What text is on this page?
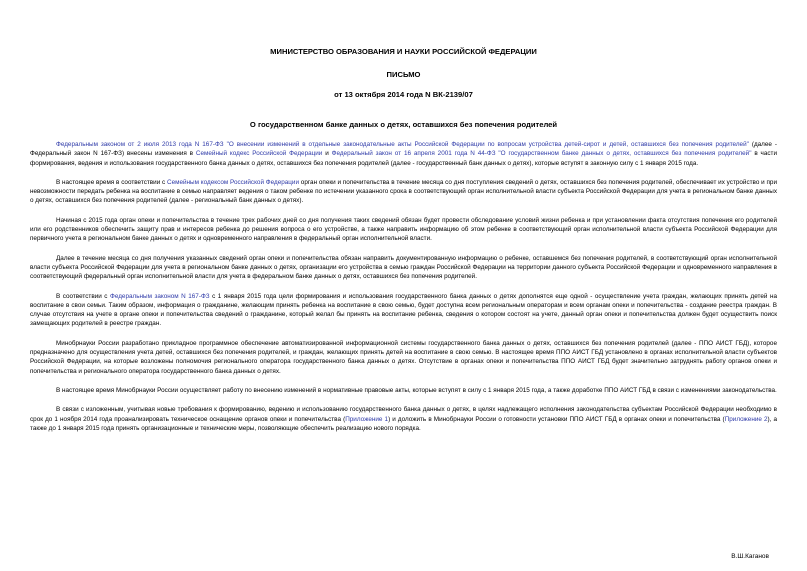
МИНИСТЕРСТВО ОБРАЗОВАНИЯ И НАУКИ РОССИЙСКОЙ ФЕДЕРАЦИИ
ПИСЬМО
от 13 октября 2014 года N ВК-2139/07
О государственном банке данных о детях, оставшихся без попечения родителей

Федеральным законом от 2 июля 2013 года N 167-ФЗ "О внесении изменений в отдельные законодательные акты Российской Федерации по вопросам устройства детей-сирот и детей, оставшихся без попечения родителей" (далее - Федеральный закон N 167-ФЗ) внесены изменения в Семейный кодекс Российской Федерации и Федеральный закон от 16 апреля 2001 года N 44-ФЗ "О государственном банке данных о детях, оставшихся без попечения родителей" в части формирования, ведения и использования государственного банка данных о детях, оставшихся без попечения родителей (далее - государственный банк данных о детях), которые вступят в законную силу с 1 января 2015 года.

В настоящее время в соответствии с Семейным кодексом Российской Федерации орган опеки и попечительства в течение месяца со дня поступления сведений о детях, оставшихся без попечения родителей, обеспечивает их устройство и при невозможности передать ребенка на воспитание в семью направляет ведения о таком ребенке по истечении указанного срока в соответствующий орган исполнительной власти субъекта Российской Федерации для учета в региональном банке данных о детях, оставшихся без попечения родителей (далее - региональный банк данных о детях).

Начиная с 2015 года орган опеки и попечительства в течение трех рабочих дней со дня получения таких сведений обязан будет провести обследование условий жизни ребенка и при установлении факта отсутствия попечения его родителей или его родственников обеспечить защиту прав и интересов ребенка до решения вопроса о его устройстве, а также направить информацию об этом ребенке в соответствующий орган исполнительной власти субъекта Российской Федерации для первичного учета в региональном банке данных о детях и одновременного направления в федеральный орган исполнительной власти.

Далее в течение месяца со дня получения указанных сведений орган опеки и попечительства обязан направить документированную информацию о ребенке, оставшемся без попечения родителей, в соответствующий орган исполнительной власти субъекта Российской Федерации для учета в региональном банке данных о детях, организации его устройства в семью граждан Российской Федерации на территории данного субъекта Российской Федерации и одновременного направления в соответствующий федеральный орган исполнительной власти для учета в федеральном банке данных о детях, оставшихся без попечения родителей.

В соответствии с Федеральным законом N 167-ФЗ с 1 января 2015 года цели формирования и использования государственного банка данных о детях дополнятся еще одной - осуществление учета граждан, желающих принять детей на воспитание в свои семьи. Таким образом, информация о гражданине, желающим принять ребенка на воспитание в свою семью, будет доступна всем региональным операторам и всем органам опеки и попечительства - создание реестра граждан. В случае отсутствия на учете в органе опеки и попечительства сведений о гражданине, который желал бы принять на воспитание ребенка, сведения о котором состоят на учете, данный орган опеки и попечительства должен будет осуществить поиск замещающих родителей в реестре граждан.

Минобрнауки России разработано прикладное программное обеспечение автоматизированной информационной системы государственного банка данных о детях, оставшихся без попечения родителей (далее - ППО АИСТ ГБД), которое предназначено для осуществления учета детей, оставшихся без попечения родителей, и граждан, желающих принять детей на воспитание в свою семью. В настоящее время ППО АИСТ ГБД установлено в органах исполнительной власти субъектов Российской Федерации, на которые возложены полномочия регионального оператора государственного банка данных о детях. Отсутствие в органах опеки и попечительства ППО АИСТ ГБД будет значительно затруднять работу органов опеки и попечительства и регионального оператора государственного банка данных о детях.

В настоящее время Минобрнауки России осуществляет работу по внесению изменений в нормативные правовые акты, которые вступят в силу с 1 января 2015 года, а также доработке ППО АИСТ ГБД в связи с изменениями законодательства.

В связи с изложенным, учитывая новые требования к формированию, ведению и использованию государственного банка данных о детях, в целях надлежащего исполнения законодательства субъектам Российской Федерации необходимо в срок до 1 ноября 2014 года проанализировать техническое оснащение органов опеки и попечительства (Приложение 1) и доложить в Минобрнауки России о готовности установки ППО АИСТ ГБД в органах опеки и попечительства (Приложение 2), а также до 1 января 2015 года принять организационные и технические меры, позволяющие обеспечить реализацию нового порядка.

В.Ш.Каганов
